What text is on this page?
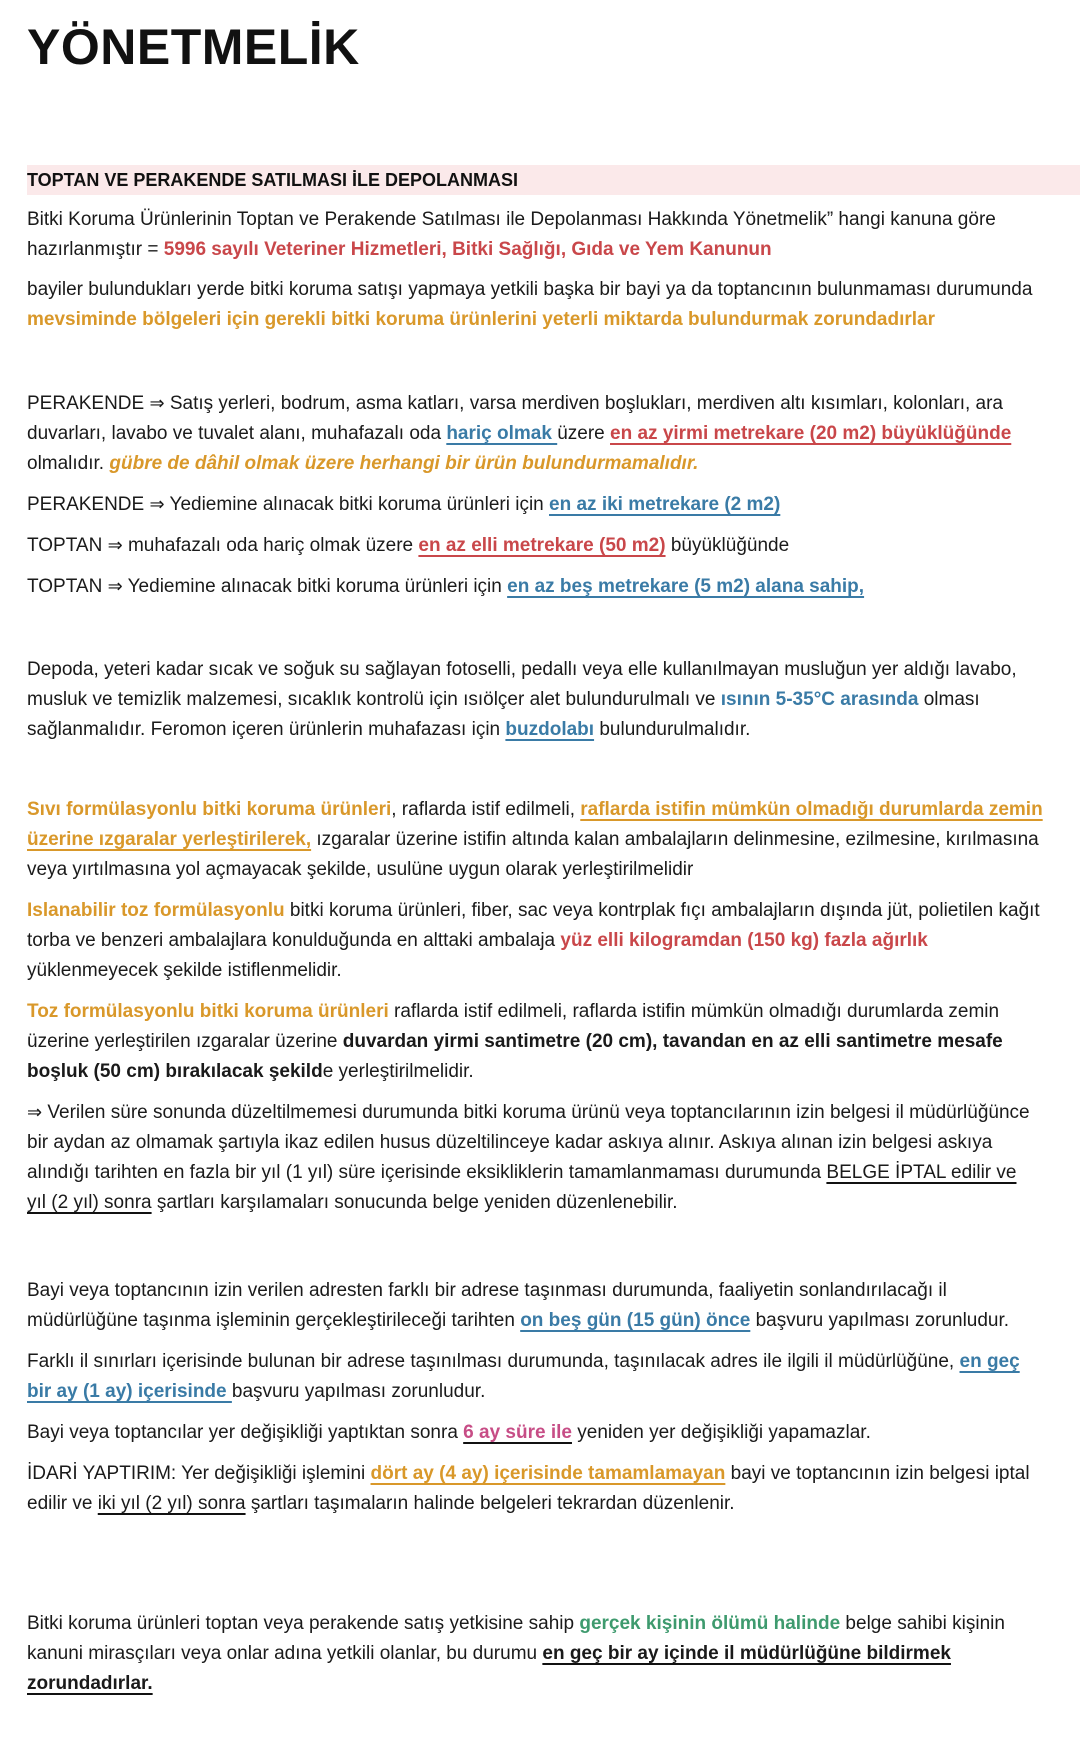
YÖNETMELİK
TOPTAN VE PERAKENDE SATILMASI İLE DEPOLANMASI
Bitki Koruma Ürünlerinin Toptan ve Perakende Satılması ile Depolanması Hakkında Yönetmelik” hangi kanuna göre
hazırlanmıştır = 5996 sayılı Veteriner Hizmetleri, Bitki Sağlığı, Gıda ve Yem Kanunun
bayiler bulundukları yerde bitki koruma satışı yapmaya yetkili başka bir bayi ya da toptancının bulunmaması durumunda
mevsiminde bölgeleri için gerekli bitki koruma ürünlerini yeterli miktarda bulundurmak zorundadırlar
PERAKENDE ⇒ Satış yerleri, bodrum, asma katları, varsa merdiven boşlukları, merdiven altı kısımları, kolonları, ara
duvarları, lavabo ve tuvalet alanı, muhafazalı oda hariç olmak üzere en az yirmi metrekare (20 m2) büyüklüğünde
olmalıdır. gübre de dâhil olmak üzere herhangi bir ürün bulundurmamalıdır.
PERAKENDE ⇒ Yediemine alınacak bitki koruma ürünleri için en az iki metrekare (2 m2)
TOPTAN ⇒ muhafazalı oda hariç olmak üzere en az elli metrekare (50 m2) büyüklüğünde
TOPTAN ⇒ Yediemine alınacak bitki koruma ürünleri için en az beş metrekare (5 m2) alana sahip,
Depoda, yeteri kadar sıcak ve soğuk su sağlayan fotoselli, pedallı veya elle kullanılmayan musluğun yer aldığı lavabo,
musluk ve temizlik malzemesi, sıcaklık kontrolü için ısıölçer alet bulundurulmalı ve ısının 5-35°C arasında olması
sağlanmalıdır. Feromon içeren ürünlerin muhafazası için buzdolabı bulundurulmalıdır.
Sıvı formülasyonlu bitki koruma ürünleri, raflarda istif edilmeli, raflarda istifin mümkün olmadığı durumlarda zemin
üzerine ızgaralar yerleştirilerek, ızgaralar üzerine istifin altında kalan ambalajların delinmesine, ezilmesine, kırılmasına
veya yırtılmasına yol açmayacak şekilde, usulüne uygun olarak yerleştirilmelidir
Islanabilir toz formülasyonlu bitki koruma ürünleri, fiber, sac veya kontrplak fıçı ambalajların dışında jüt, polietilen kağıt
torba ve benzeri ambalajlara konulduğunda en alttaki ambalaja yüz elli kilogramdan (150 kg) fazla ağırlık
yüklenmeyecek şekilde istiflenmelidir.
Toz formülasyonlu bitki koruma ürünleri raflarda istif edilmeli, raflarda istifin mümkün olmadığı durumlarda zemin
üzerine yerleştirilen ızgaralar üzerine duvardan yirmi santimetre (20 cm), tavandan en az elli santimetre mesafe
boşluk (50 cm) bırakılacak şekilde yerleştirilmelidir.
⇒ Verilen süre sonunda düzeltilmemesi durumunda bitki koruma ürünü veya toptancılarının izin belgesi il müdürlüğünce
bir aydan az olmamak şartıyla ikaz edilen husus düzeltilinceye kadar askıya alınır. Askıya alınan izin belgesi askıya
alındığı tarihten en fazla bir yıl (1 yıl) süre içerisinde eksikliklerin tamamlanmaması durumunda BELGE İPTAL edilir ve
yıl (2 yıl) sonra şartları karşılamaları sonucunda belge yeniden düzenlenebilir.
Bayi veya toptancının izin verilen adresten farklı bir adrese taşınması durumunda, faaliyetin sonlandırılacağı il
müdürlüğüne taşınma işleminin gerçekleştirileceği tarihten on beş gün (15 gün) önce başvuru yapılması zorunludur.
Farklı il sınırları içerisinde bulunan bir adrese taşınılması durumunda, taşınılacak adres ile ilgili il müdürlüğüne, en geç
bir ay (1 ay) içerisinde başvuru yapılması zorunludur.
Bayi veya toptancılar yer değişikliği yaptıktan sonra 6 ay süre ile yeniden yer değişikliği yapamazlar.
İDARİ YAPTIRIM: Yer değişikliği işlemini dört ay (4 ay) içerisinde tamamlamayan bayi ve toptancının izin belgesi iptal
edilir ve iki yıl (2 yıl) sonra şartları taşımaların halinde belgeleri tekrardan düzenlenir.
Bitki koruma ürünleri toptan veya perakende satış yetkisine sahip gerçek kişinin ölümü halinde belge sahibi kişinin
kanuni mirasçıları veya onlar adına yetkili olanlar, bu durumu en geç bir ay içinde il müdürlüğüne bildirmek
zorundadırlar.
